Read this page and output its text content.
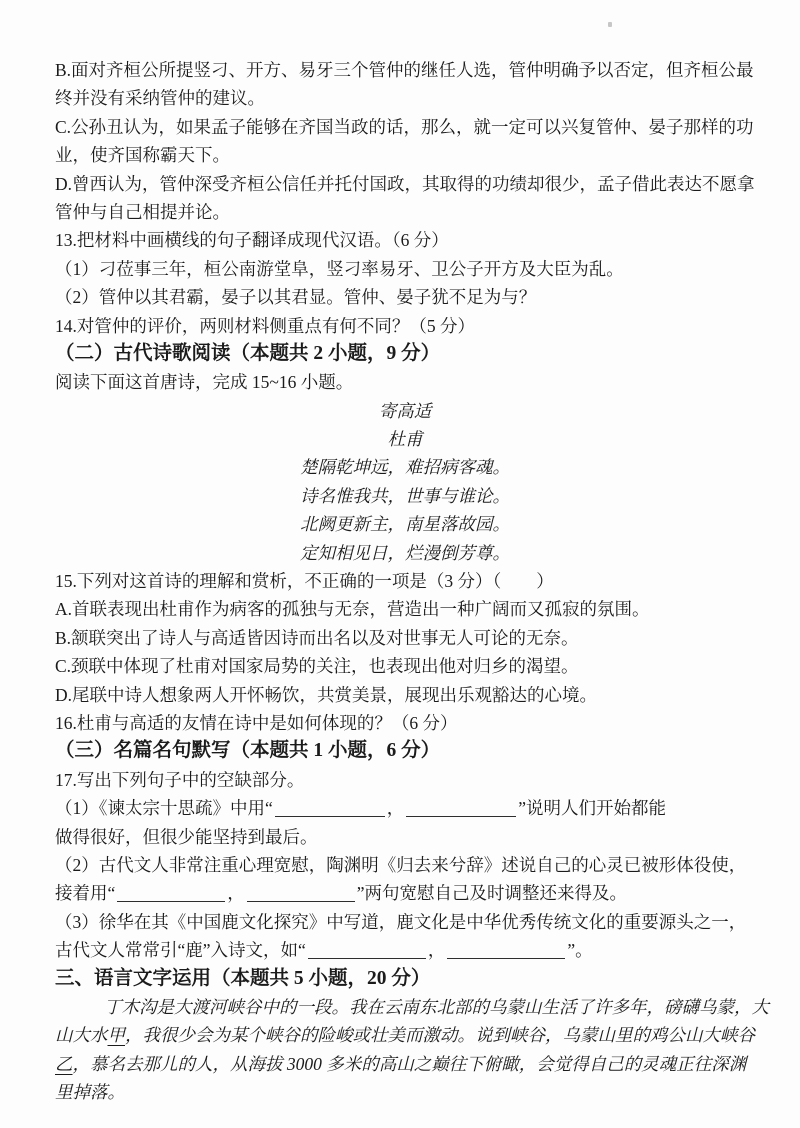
B.面对齐桓公所提竖刁、开方、易牙三个管仲的继任人选，管仲明确予以否定，但齐桓公最
终并没有采纳管仲的建议。
C.公孙丑认为，如果孟子能够在齐国当政的话，那么，就一定可以兴复管仲、晏子那样的功
业，使齐国称霸天下。
D.曾西认为，管仲深受齐桓公信任并托付国政，其取得的功绩却很少，孟子借此表达不愿拿
管仲与自己相提并论。
13.把材料中画横线的句子翻译成现代汉语。（6 分）
（1）刁莅事三年，桓公南游堂阜，竖刁率易牙、卫公子开方及大臣为乱。
（2）管仲以其君霸，晏子以其君显。管仲、晏子犹不足为与？
14.对管仲的评价，两则材料侧重点有何不同？（5 分）
（二）古代诗歌阅读（本题共 2 小题，9 分）
阅读下面这首唐诗，完成 15~16 小题。
寄高适
杜甫
楚隔乾坤远，难招病客魂。
诗名惟我共，世事与谁论。
北阙更新主，南星落故园。
定知相见日，烂漫倒芳尊。
15.下列对这首诗的理解和赏析，不正确的一项是（3 分）（　　）
A.首联表现出杜甫作为病客的孤独与无奈，营造出一种广阔而又孤寂的氛围。
B.颔联突出了诗人与高适皆因诗而出名以及对世事无人可论的无奈。
C.颈联中体现了杜甫对国家局势的关注，也表现出他对归乡的渴望。
D.尾联中诗人想象两人开怀畅饮，共赏美景，展现出乐观豁达的心境。
16.杜甫与高适的友情在诗中是如何体现的？（6 分）
（三）名篇名句默写（本题共 1 小题，6 分）
17.写出下列句子中的空缺部分。
（1）《谏太宗十思疏》中用“	，	”说明人们开始都能
做得很好，但很少能坚持到最后。
（2）古代文人非常注重心理宽慰，陶渊明《归去来兮辞》述说自己的心灵已被形体役使，
接着用“	，	”两句宽慰自己及时调整还来得及。
（3）徐华在其《中国鹿文化探究》中写道，鹿文化是中华优秀传统文化的重要源头之一，
古代文人常常引“鹿”入诗文，如“	，	”。
三、语言文字运用（本题共 5 小题，20 分）
丁木沟是大渡河峡谷中的一段。我在云南东北部的乌蒙山生活了许多年，磅礴乌蒙，大
山大水甲，我很少会为某个峡谷的险峻或壮美而激动。说到峡谷，乌蒙山里的鸡公山大峡谷
乙，慕名去那儿的人，从海拔 3000 多米的高山之巅往下俯瞰，会觉得自己的灵魂正往深渊
里掉落。
